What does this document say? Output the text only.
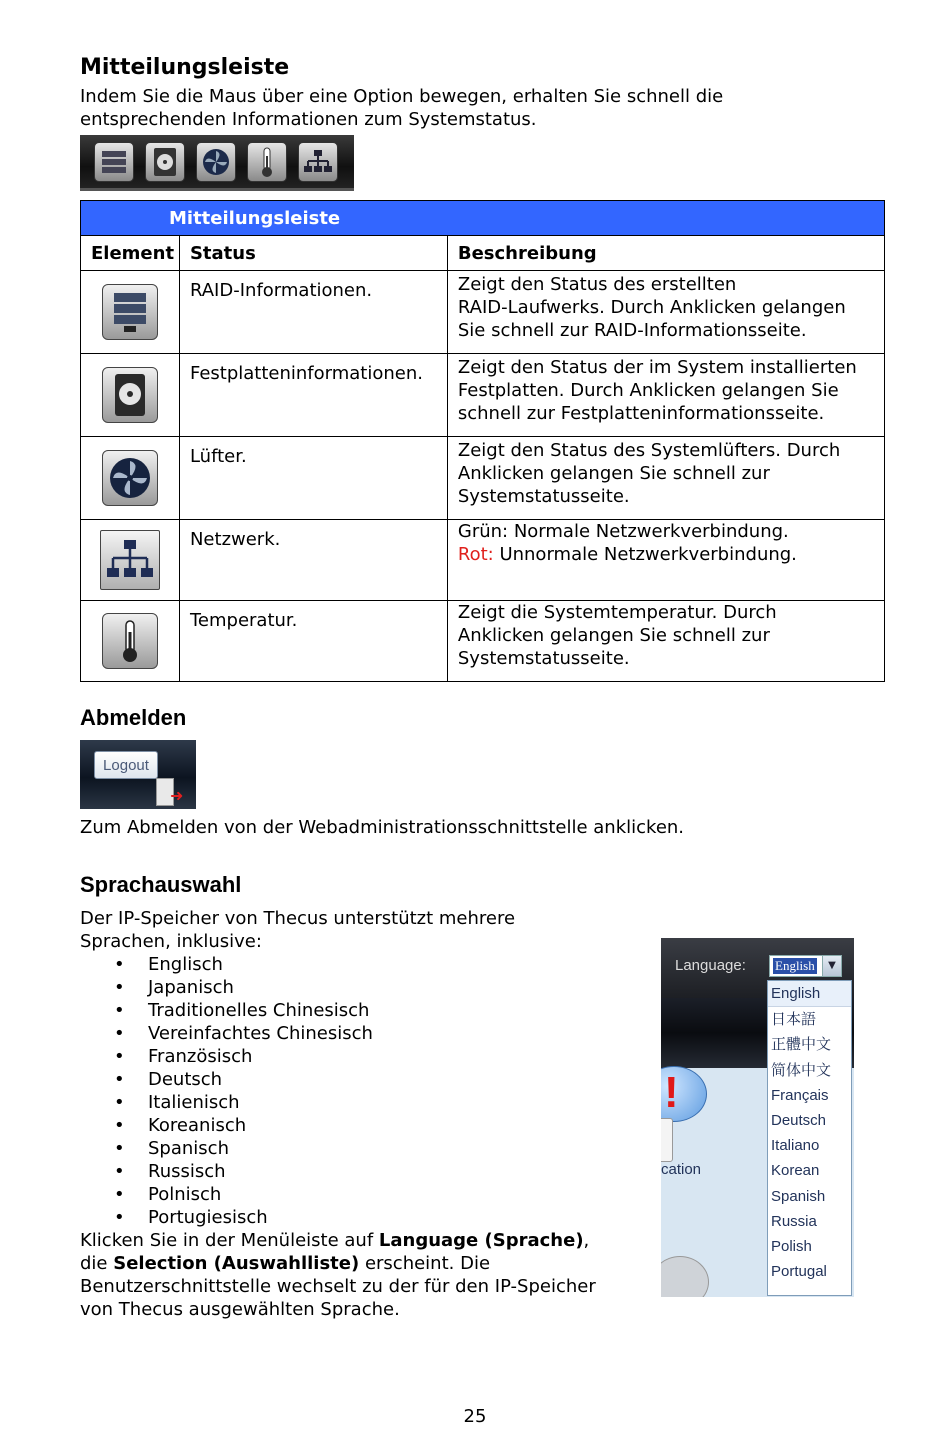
Mitteilungsleiste
Indem Sie die Maus über eine Option bewegen, erhalten Sie schnell die
entsprechenden Informationen zum Systemstatus.
Mitteilungsleiste		
Element	Status	Beschreibung

	RAID-Informationen.	Zeigt den Status des erstellten
RAID-Laufwerks. Durch Anklicken gelangen
Sie schnell zur RAID-Informationsseite.

	Festplatteninformationen.	Zeigt den Status der im System installierten
Festplatten. Durch Anklicken gelangen Sie
schnell zur Festplatteninformationsseite.

	Lüfter.	Zeigt den Status des Systemlüfters. Durch
Anklicken gelangen Sie schnell zur
Systemstatusseite.

	Netzwerk.	Grün: Normale Netzwerkverbindung.
Rot: Unnormale Netzwerkverbindung.

	Temperatur.	Zeigt die Systemtemperatur. Durch
Anklicken gelangen Sie schnell zur
Systemstatusseite.
Abmelden
Logout
➜
Zum Abmelden von der Webadministrationsschnittstelle anklicken.
Sprachauswahl
Der IP-Speicher von Thecus unterstützt mehrere
Sprachen, inklusive:
• Englisch
• Japanisch
• Traditionelles Chinesisch
• Vereinfachtes Chinesisch
• Französisch
• Deutsch
• Italienisch
• Koreanisch
• Spanisch
• Russisch
• Polnisch
• Portugiesisch
Klicken Sie in der Menüleiste auf Language (Sprache),
die Selection (Auswahlliste) erscheint. Die
Benutzerschnittstelle wechselt zu der für den IP-Speicher
von Thecus ausgewählten Sprache.
Language: English	▼
!
cation
English
日本語
正體中文
简体中文
Français
Deutsch
Italiano
Korean
Spanish
Russia
Polish
Portugal
25
